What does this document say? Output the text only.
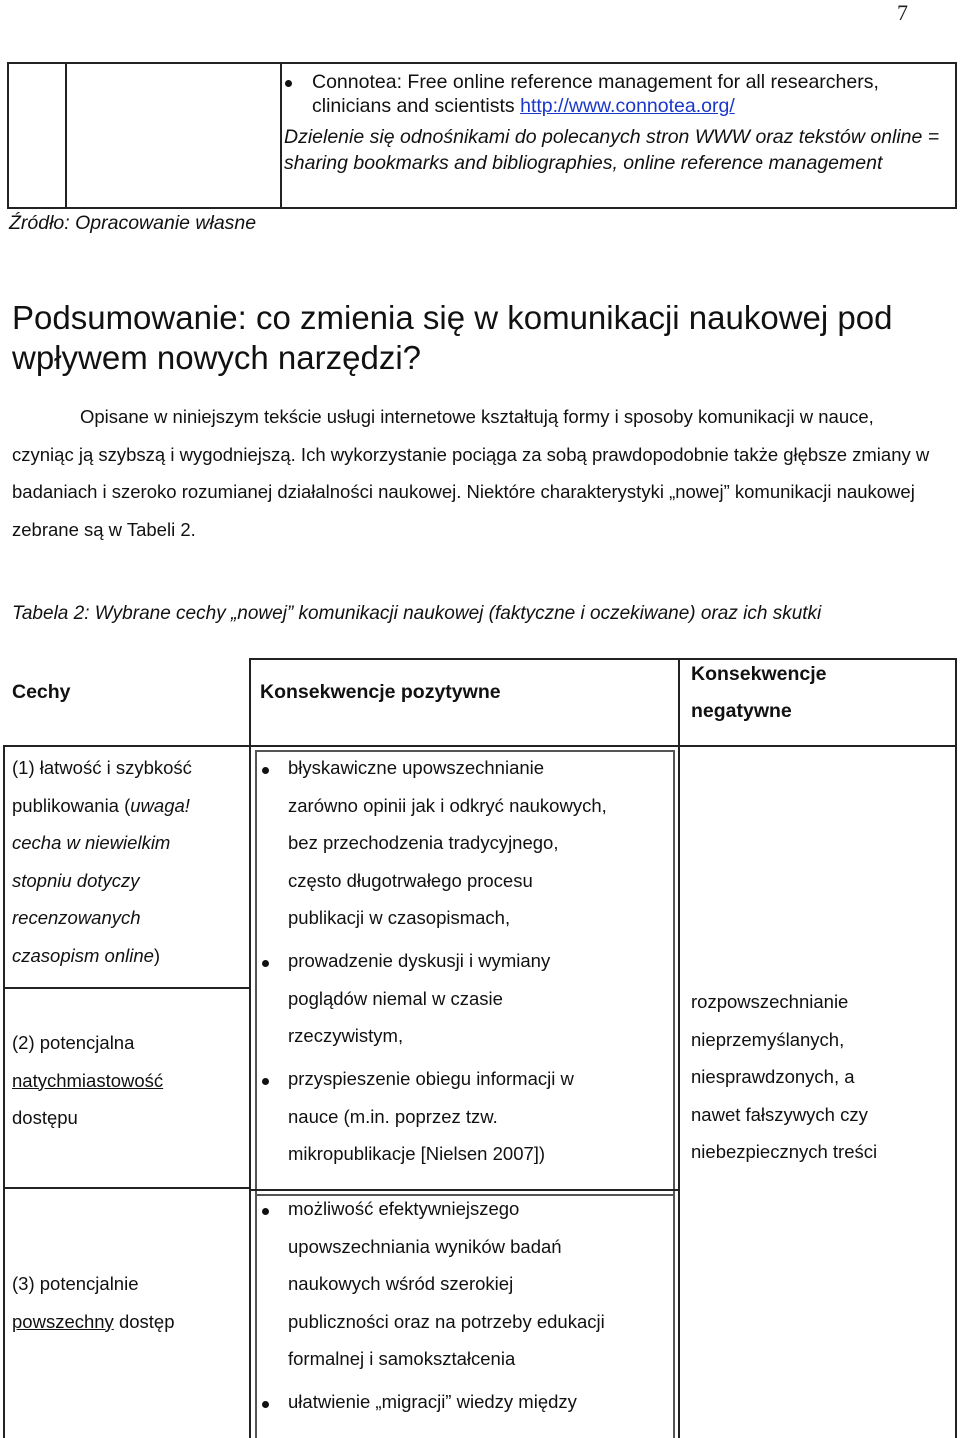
7
Connotea: Free online reference management for all researchers, clinicians and scientists http://www.connotea.org/
Dzielenie się odnośnikami do polecanych stron WWW oraz tekstów online = sharing bookmarks and bibliographies, online reference management
Źródło: Opracowanie własne
Podsumowanie: co zmienia się w komunikacji naukowej pod wpływem nowych narzędzi?
Opisane w niniejszym tekście usługi internetowe kształtują formy i sposoby komunikacji w nauce, czyniąc ją szybszą i wygodniejszą. Ich wykorzystanie pociąga za sobą prawdopodobnie także głębsze zmiany w badaniach i szeroko rozumianej działalności naukowej. Niektóre charakterystyki „nowej” komunikacji naukowej zebrane są w Tabeli 2.
Tabela 2: Wybrane cechy „nowej” komunikacji naukowej (faktyczne i oczekiwane) oraz ich skutki
Cechy	Konsekwencje pozytywne
Konsekwencje
negatywne
(1) łatwość i szybkość
publikowania (uwaga!
cecha w niewielkim
stopniu dotyczy
recenzowanych
czasopism online)
(2) potencjalna
natychmiastowość
dostępu
(3) potencjalnie
powszechny dostęp
błyskawiczne upowszechnianie
zarówno opinii jak i odkryć naukowych,
bez przechodzenia tradycyjnego,
często długotrwałego procesu
publikacji w czasopismach,
prowadzenie dyskusji i wymiany
poglądów niemal w czasie
rzeczywistym,
przyspieszenie obiegu informacji w
nauce (m.in. poprzez tzw.
mikropublikacje [Nielsen 2007])
możliwość efektywniejszego
upowszechniania wyników badań
naukowych wśród szerokiej
publiczności oraz na potrzeby edukacji
formalnej i samokształcenia
ułatwienie „migracji” wiedzy między
rozpowszechnianie
nieprzemyślanych,
niesprawdzonych, a
nawet fałszywych czy
niebezpiecznych treści
